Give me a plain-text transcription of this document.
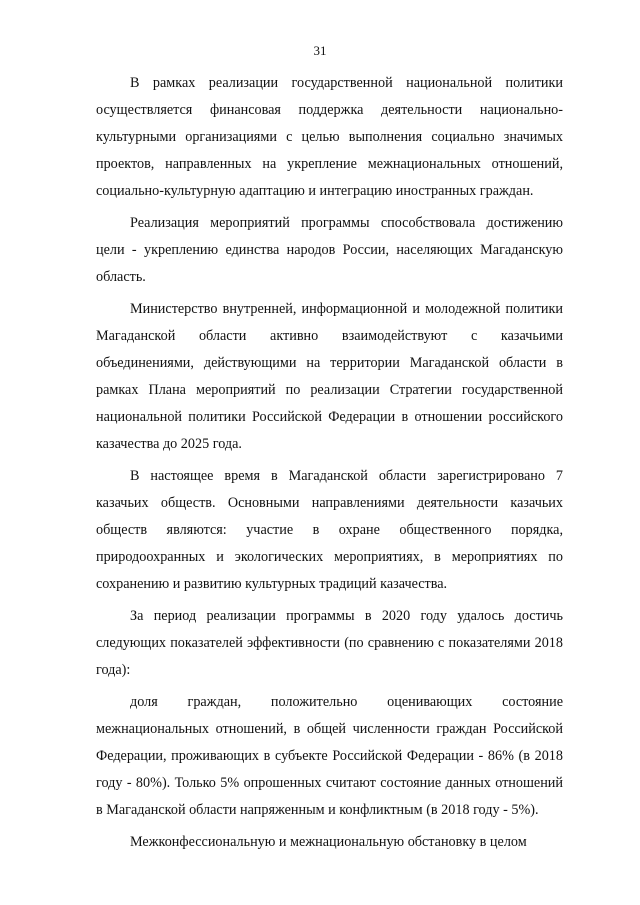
31

В рамках реализации государственной национальной политики осуществляется финансовая поддержка деятельности национально-культурными организациями с целью выполнения социально значимых проектов, направленных на укрепление межнациональных отношений, социально-культурную адаптацию и интеграцию иностранных граждан.

Реализация мероприятий программы способствовала достижению цели - укреплению единства народов России, населяющих Магаданскую область.

Министерство внутренней, информационной и молодежной политики Магаданской области активно взаимодействуют с казачьими объединениями, действующими на территории Магаданской области в рамках Плана мероприятий по реализации Стратегии государственной национальной политики Российской Федерации в отношении российского казачества до 2025 года.

В настоящее время в Магаданской области зарегистрировано 7 казачьих обществ. Основными направлениями деятельности казачьих обществ являются: участие в охране общественного порядка, природоохранных и экологических мероприятиях, в мероприятиях по сохранению и развитию культурных традиций казачества.

За период реализации программы в 2020 году удалось достичь следующих показателей эффективности (по сравнению с показателями 2018 года):

доля граждан, положительно оценивающих состояние межнациональных отношений, в общей численности граждан Российской Федерации, проживающих в субъекте Российской Федерации - 86% (в 2018 году - 80%). Только 5% опрошенных считают состояние данных отношений в Магаданской области напряженным и конфликтным (в 2018 году - 5%).

Межконфессиональную и межнациональную обстановку в целом
